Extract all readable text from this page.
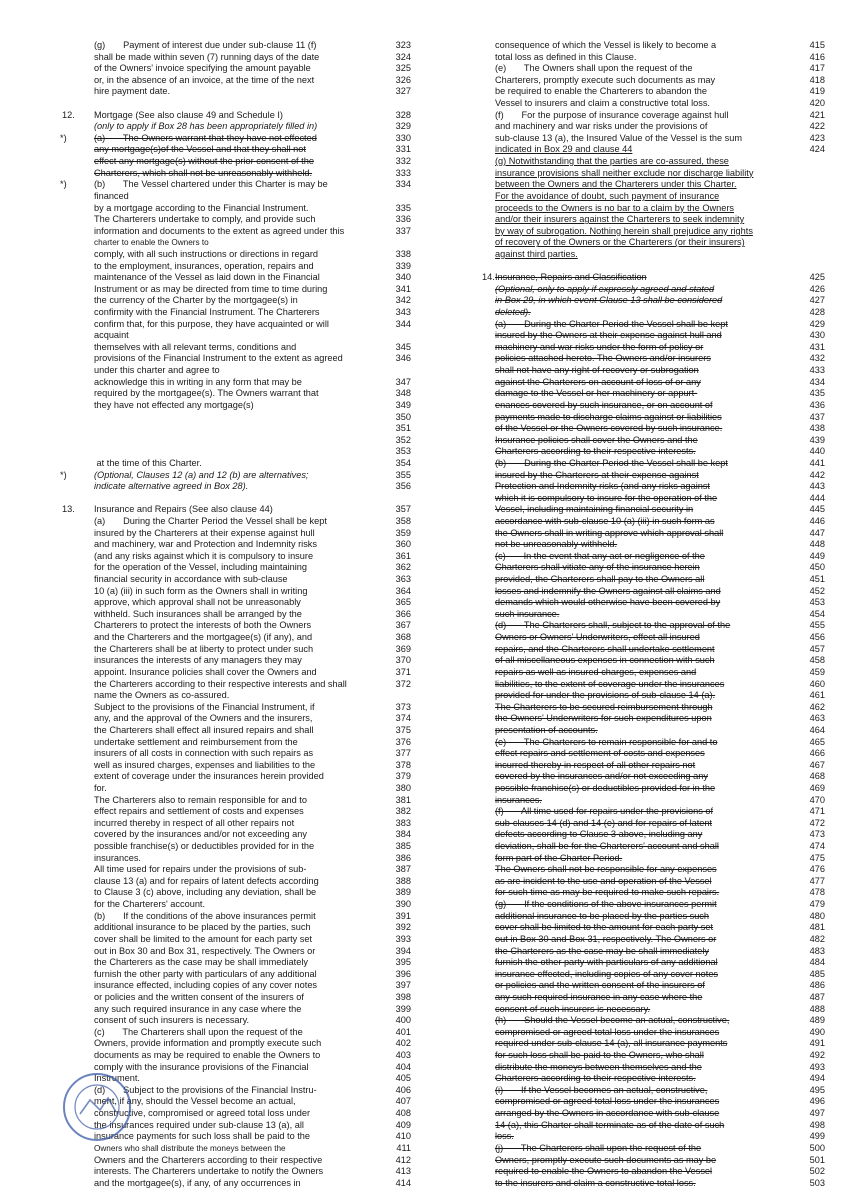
(g)       Payment of interest due under sub-clause 11 (f)	323
shall be made within seven (7) running days of the date	324
of the Owners' invoice specifying the amount payable	325
or, in the absence of an invoice, at the time of the next	326
hire payment date.	327
12. Mortgage (See also clause 49 and Schedule I)	328
(only to apply if Box 28 has been appropriately filled in)	329
*)	(a)       The Owners warrant that they have not effected	330
any mortgage(s)of the Vessel and that they shall not	331
effect any mortgage(s) without the prior consent of the	332
Charterers, which shall not be unreasonably withheld.	333
*)	(b)       The Vessel chartered under this Charter is may be	334
financed
by a mortgage according to the Financial Instrument.	335
The Charterers undertake to comply, and provide such	336
information and documents to the extent as agreed under this	337
charter to enable the Owners to
comply, with all such instructions or directions in regard	338
to the employment, insurances, operation, repairs and	339
maintenance of the Vessel as laid down in the Financial	340
Instrument or as may be directed from time to time during	341
the currency of the Charter by the mortgagee(s) in	342
confirmity with the Financial Instrument. The Charterers	343
confirm that, for this purpose, they have acquainted or will	344
acquaint
themselves with all relevant terms, conditions and	345
provisions of the Financial Instrument to the extent as agreed	346
under this charter and agree to
acknowledge this in writing in any form that may be	347
required by the mortgagee(s). The Owners warrant that	348
they have not effected any mortgage(s)	349
350
351
352
353
at the time of this Charter.	354
*)	(Optional, Clauses 12 (a) and 12 (b) are alternatives;	355
indicate alternative agreed in Box 28).	356
13. Insurance and Repairs (See also clause 44)	357
(a)       During the Charter Period the Vessel shall be kept	358
insured by the Charterers at their expense against hull	359
and machinery, war and Protection and Indemnity risks	360
(and any risks against which it is compulsory to insure	361
for the operation of the Vessel, including maintaining	362
financial security in accordance with sub-clause	363
10 (a) (iii) in such form as the Owners shall in writing	364
approve, which approval shall not be unreasonably	365
withheld. Such insurances shall be arranged by the	366
Charterers to protect the interests of both the Owners	367
and the Charterers and the mortgagee(s) (if any), and	368
the Charterers shall be at liberty to protect under such	369
insurances the interests of any managers they may	370
appoint. Insurance policies shall cover the Owners and	371
the Charterers according to their respective interests and shall	372
name the Owners as co-assured.
Subject to the provisions of the Financial Instrument, if	373
any, and the approval of the Owners and the insurers,	374
the Charterers shall effect all insured repairs and shall	375
undertake settlement and reimbursement from the	376
insurers of all costs in connection with such repairs as	377
well as insured charges, expenses and liabilities to the	378
extent of coverage under the insurances herein provided	379
for.	380
The Charterers also to remain responsible for and to	381
effect repairs and settlement of costs and expenses	382
incurred thereby in respect of all other repairs not	383
covered by the insurances and/or not exceeding any	384
possible franchise(s) or deductibles provided for in the	385
insurances.	386
All time used for repairs under the provisions of sub-	387
clause 13 (a) and for repairs of latent defects according	388
to Clause 3 (c) above, including any deviation, shall be	389
for the Charterers' account.	390
(b)       If the conditions of the above insurances permit	391
additional insurance to be placed by the parties, such	392
cover shall be limited to the amount for each party set	393
out in Box 30 and Box 31, respectively. The Owners or	394
the Charterers as the case may be shall immediately	395
furnish the other party with particulars of any additional	396
insurance effected, including copies of any cover notes	397
or policies and the written consent of the insurers of	398
any such required insurance in any case where the	399
consent of such insurers is necessary.	400
(c)       The Charterers shall upon the request of the	401
Owners, provide information and promptly execute such	402
documents as may be required to enable the Owners to	403
comply with the insurance provisions of the Financial	404
Instrument.	405
(d)       Subject to the provisions of the Financial Instru-	406
ment, if any, should the Vessel become an actual,	407
constructive, compromised or agreed total loss under	408
the insurances required under sub-clause 13 (a), all	409
insurance payments for such loss shall be paid to the	410
Owners who shall distribute the moneys between the	411
Owners and the Charterers according to their respective	412
interests. The Charterers undertake to notify the Owners	413
and the mortgagee(s), if any, of any occurrences in	414
consequence of which the Vessel is likely to become a	415
total loss as defined in this Clause.	416
(e)       The Owners shall upon the request of the	417
Charterers, promptly execute such documents as may	418
be required to enable the Charterers to abandon the	419
Vessel to insurers and claim a constructive total loss.	420
(f)       For the purpose of insurance coverage against hull	421
and machinery and war risks under the provisions of	422
sub-clause 13 (a), the Insured Value of the Vessel is the sum	423
indicated in Box 29 and clause 44	424
(g) Notwithstanding that the parties are co-assured, these
insurance provisions shall neither exclude nor discharge liability
between the Owners and the Charterers under this Charter.
For the avoidance of doubt, such payment of insurance
proceeds to the Owners is no bar to a claim by the Owners
and/or their insurers against the Charterers to seek indemnity
by way of subrogation. Nothing herein shall prejudice any rights
of recovery of the Owners or the Charterers (or their insurers)
against third parties.
14. Insurance, Repairs and Classification	425
(Optional, only to apply if expressly agreed and stated	426
in Box 29, in which event Clause 13 shall be considered	427
deleted).	428
(a)       During the Charter Period the Vessel shall be kept	429
insured by the Owners at their expense against hull and	430
machinery and war risks under the form of policy or	431
policies attached hereto. The Owners and/or insurers	432
shall not have any right of recovery or subrogation	433
against the Charterers on account of loss of or any	434
damage to the Vessel or her machinery or appurt-	435
enances covered by such insurance, or on account of	436
payments made to discharge claims against or liabilities	437
of the Vessel or the Owners covered by such insurance.	438
Insurance policies shall cover the Owners and the	439
Charterers according to their respective interests.	440
(b)       During the Charter Period the Vessel shall be kept	441
insured by the Charterers at their expense against	442
Protection and Indemnity risks (and any risks against	443
which it is compulsory to insure for the operation of the	444
Vessel, including maintaining financial security in	445
accordance with sub-clause 10 (a) (iii) in such form as	446
the Owners shall in writing approve which approval shall	447
not be unreasonably withheld.	448
(c)       In the event that any act or negligence of the	449
Charterers shall vitiate any of the insurance herein	450
provided, the Charterers shall pay to the Owners all	451
losses and indemnify the Owners against all claims and	452
demands which would otherwise have been covered by	453
such insurance.	454
(d)       The Charterers shall, subject to the approval of the	455
Owners or Owners' Underwriters, effect all insured	456
repairs, and the Charterers shall undertake settlement	457
of all miscellaneous expenses in connection with such	458
repairs as well as insured charges, expenses and	459
liabilities, to the extent of coverage under the insurances	460
provided for under the provisions of sub-clause 14 (a).	461
The Charterers to be secured reimbursement through	462
the Owners' Underwriters for such expenditures upon	463
presentation of accounts.	464
(e)       The Charterers to remain responsible for and to	465
effect repairs and settlement of costs and expenses	466
incurred thereby in respect of all other repairs not	467
covered by the insurances and/or not exceeding any	468
possible franchise(s) or deductibles provided for in the	469
insurances.	470
(f)       All time used for repairs under the provisions of	471
sub-clauses 14 (d) and 14 (e) and for repairs of latent	472
defects according to Clause 3 above, including any	473
deviation, shall be for the Charterers' account and shall	474
form part of the Charter Period.	475
The Owners shall not be responsible for any expenses	476
as are incident to the use and operation of the Vessel	477
for such time as may be required to make such repairs.	478
(g)       If the conditions of the above insurances permit	479
additional insurance to be placed by the parties such	480
cover shall be limited to the amount for each party set	481
out in Box 30 and Box 31, respectively. The Owners or	482
the Charterers as the case may be shall immediately	483
furnish the other party with particulars of any additional	484
insurance effected, including copies of any cover notes	485
or policies and the written consent of the insurers of	486
any such required insurance in any case where the	487
consent of such insurers is necessary.	488
(h)       Should the Vessel become an actual, constructive,	489
compromised or agreed total loss under the insurances	490
required under sub-clause 14 (a), all insurance payments	491
for such loss shall be paid to the Owners, who shall	492
distribute the moneys between themselves and the	493
Charterers according to their respective interests.	494
(i)       If the Vessel becomes an actual, constructive,	495
compromised or agreed total loss under the insurances	496
arranged by the Owners in accordance with sub-clause	497
14 (a), this Charter shall terminate as of the date of such	498
loss.	499
(j)       The Charterers shall upon the request of the	500
Owners, promptly execute such documents as may be	501
required to enable the Owners to abandon the Vessel	502
to the insurers and claim a constructive total loss.	503
